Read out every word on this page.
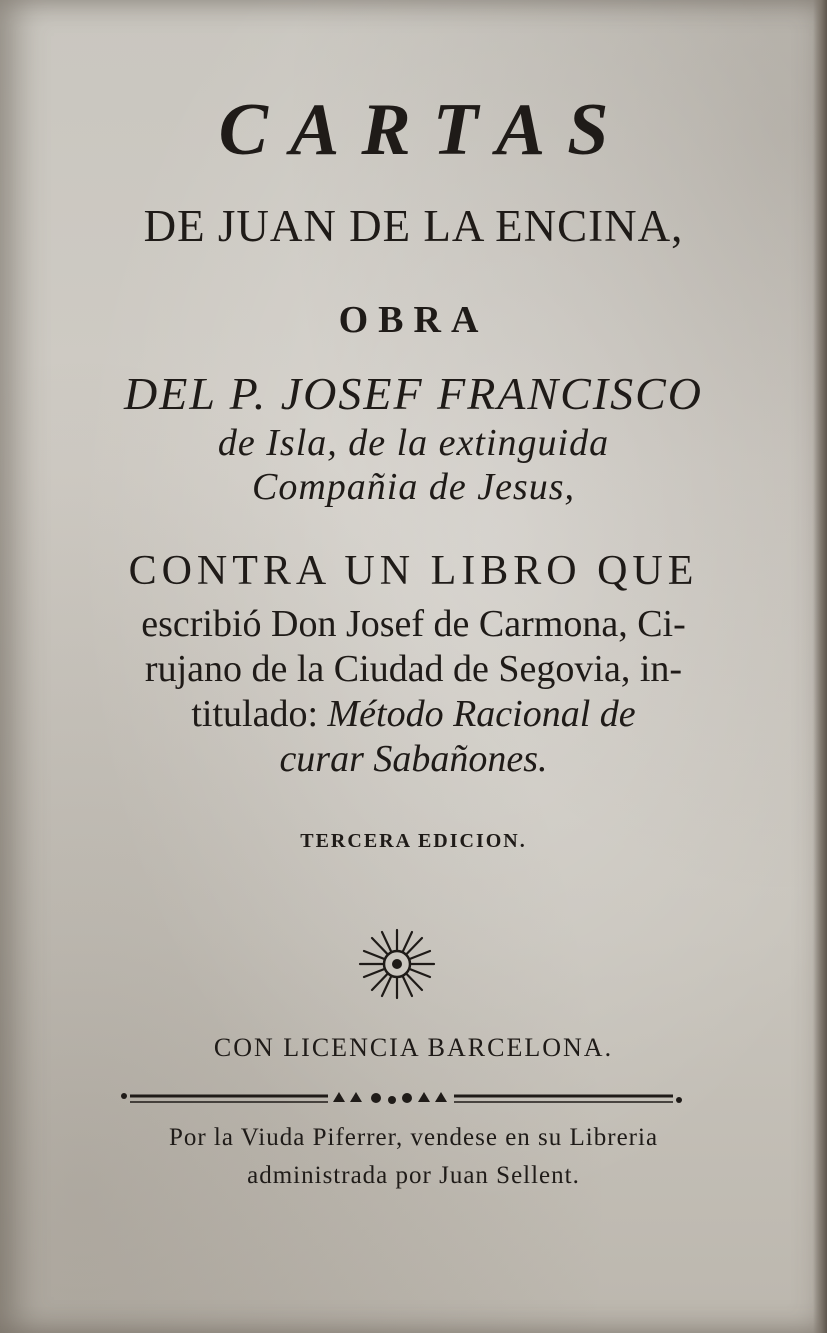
CARTAS
DE JUAN DE LA ENCINA,
OBRA
DEL P. JOSEF FRANCISCO
de Isla, de la extinguida
Compañia de Jesus,
CONTRA UN LIBRO QUE
escribió Don Josef de Carmona, Ci-
rujano de la Ciudad de Segovia, in-
titulado: Método Racional de
curar Sabañones.
TERCERA EDICION.
CON LICENCIA BARCELONA.
Por la Viuda Piferrer, vendese en su Libreria
administrada por Juan Sellent.
